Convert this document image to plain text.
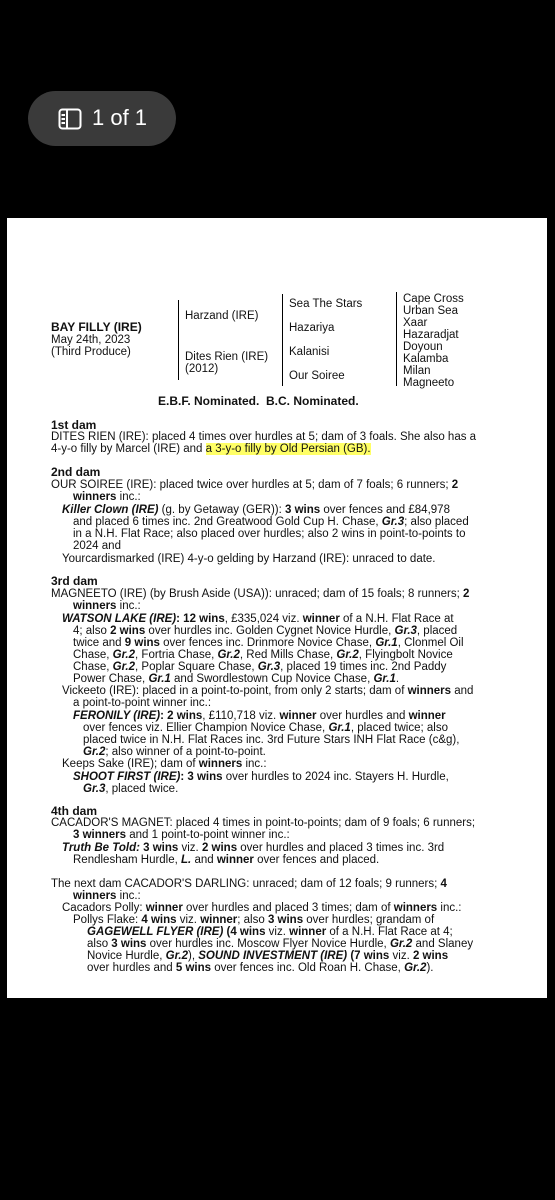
1 of 1
BAY FILLY (IRE)
May 24th, 2023
(Third Produce)
Harzand (IRE)
Dites Rien (IRE)
(2012)
Sea The Stars
Hazariya
Kalanisi
Our Soiree
Cape Cross
Urban Sea
Xaar
Hazaradjat
Doyoun
Kalamba
Milan
Magneeto
E.B.F. Nominated.  B.C. Nominated.
1st dam
DITES RIEN (IRE): placed 4 times over hurdles at 5; dam of 3 foals. She also has a
4-y-o filly by Marcel (IRE) and a 3-y-o filly by Old Persian (GB).
2nd dam
OUR SOIREE (IRE): placed twice over hurdles at 5; dam of 7 foals; 6 runners; 2
winners inc.:
Killer Clown (IRE) (g. by Getaway (GER)): 3 wins over fences and £84,978
and placed 6 times inc. 2nd Greatwood Gold Cup H. Chase, Gr.3; also placed
in a N.H. Flat Race; also placed over hurdles; also 2 wins in point-to-points to
2024 and
Yourcardismarked (IRE) 4-y-o gelding by Harzand (IRE): unraced to date.
3rd dam
MAGNEETO (IRE) (by Brush Aside (USA)): unraced; dam of 15 foals; 8 runners; 2
winners inc.:
WATSON LAKE (IRE): 12 wins, £335,024 viz. winner of a N.H. Flat Race at
4; also 2 wins over hurdles inc. Golden Cygnet Novice Hurdle, Gr.3, placed
twice and 9 wins over fences inc. Drinmore Novice Chase, Gr.1, Clonmel Oil
Chase, Gr.2, Fortria Chase, Gr.2, Red Mills Chase, Gr.2, Flyingbolt Novice
Chase, Gr.2, Poplar Square Chase, Gr.3, placed 19 times inc. 2nd Paddy
Power Chase, Gr.1 and Swordlestown Cup Novice Chase, Gr.1.
Vickeeto (IRE): placed in a point-to-point, from only 2 starts; dam of winners and
a point-to-point winner inc.:
FERONILY (IRE): 2 wins, £110,718 viz. winner over hurdles and winner
over fences viz. Ellier Champion Novice Chase, Gr.1, placed twice; also
placed twice in N.H. Flat Races inc. 3rd Future Stars INH Flat Race (c&g),
Gr.2; also winner of a point-to-point.
Keeps Sake (IRE); dam of winners inc.:
SHOOT FIRST (IRE): 3 wins over hurdles to 2024 inc. Stayers H. Hurdle,
Gr.3, placed twice.
4th dam
CACADOR'S MAGNET: placed 4 times in point-to-points; dam of 9 foals; 6 runners;
3 winners and 1 point-to-point winner inc.:
Truth Be Told: 3 wins viz. 2 wins over hurdles and placed 3 times inc. 3rd
Rendlesham Hurdle, L. and winner over fences and placed.
The next dam CACADOR'S DARLING: unraced; dam of 12 foals; 9 runners; 4
winners inc.:
Cacadors Polly: winner over hurdles and placed 3 times; dam of winners inc.:
Pollys Flake: 4 wins viz. winner; also 3 wins over hurdles; grandam of
GAGEWELL FLYER (IRE) (4 wins viz. winner of a N.H. Flat Race at 4;
also 3 wins over hurdles inc. Moscow Flyer Novice Hurdle, Gr.2 and Slaney
Novice Hurdle, Gr.2), SOUND INVESTMENT (IRE) (7 wins viz. 2 wins
over hurdles and 5 wins over fences inc. Old Roan H. Chase, Gr.2).
